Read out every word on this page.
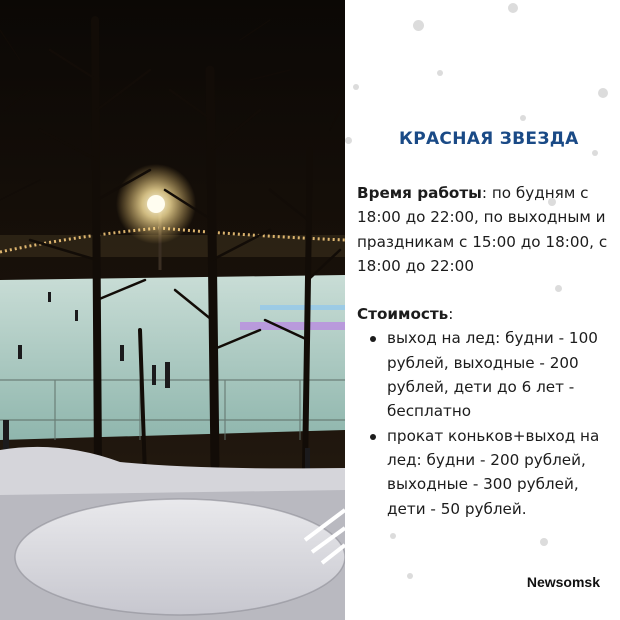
КРАСНАЯ ЗВЕЗДА

Время работы: по будням с 18:00 до 22:00, по выходным и праздникам с 15:00 до 18:00, с 18:00 до 22:00

Стоимость:

выход на лед: будни - 100 рублей, выходные - 200 рублей, дети до 6 лет - бесплатно
прокат коньков+выход на лед: будни - 200 рублей, выходные - 300 рублей, дети - 50 рублей.
Newsomsk
